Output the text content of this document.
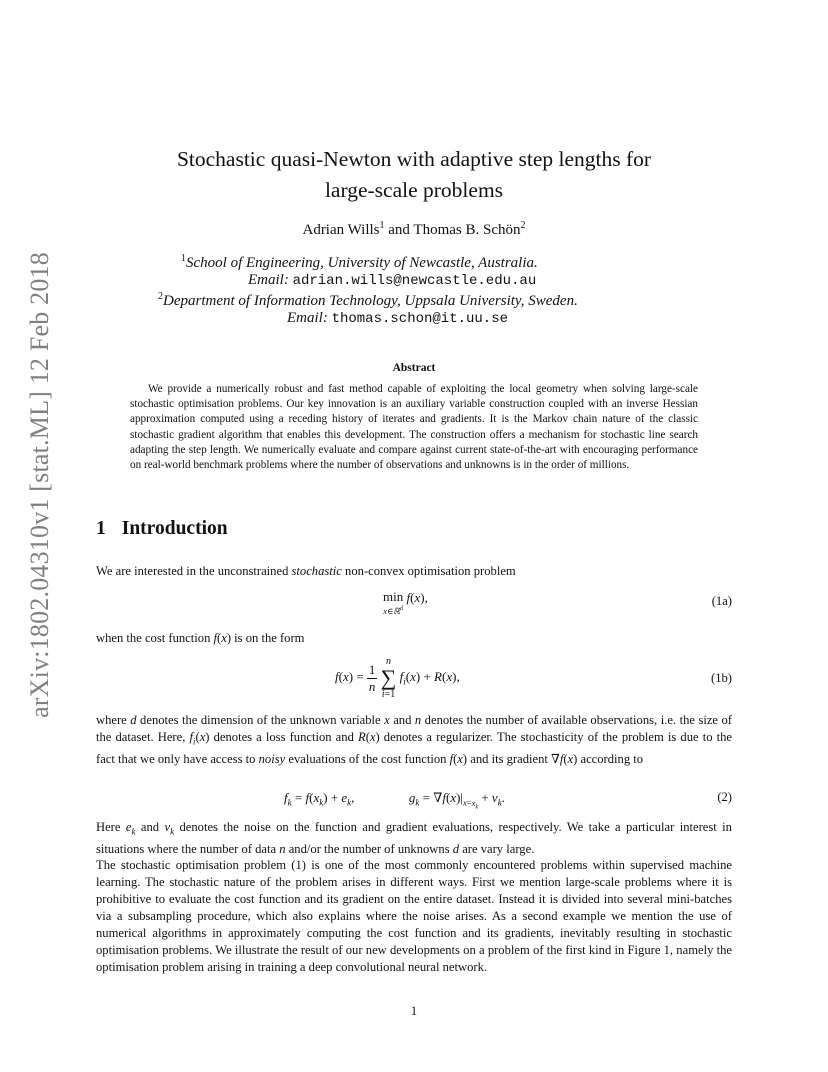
arXiv:1802.04310v1 [stat.ML] 12 Feb 2018
Stochastic quasi-Newton with adaptive step lengths for
large-scale problems
Adrian Wills$^1$ and Thomas B. Schön$^2$
$^1$School of Engineering, University of Newcastle, Australia.
Email: adrian.wills@newcastle.edu.au
$^2$Department of Information Technology, Uppsala University, Sweden.
Email: thomas.schon@it.uu.se
Abstract
We provide a numerically robust and fast method capable of exploiting the local geometry when solving large-scale stochastic optimisation problems. Our key innovation is an auxiliary variable construction coupled with an inverse Hessian approximation computed using a receding history of iterates and gradients. It is the Markov chain nature of the classic stochastic gradient algorithm that enables this development. The construction offers a mechanism for stochastic line search adapting the step length. We numerically evaluate and compare against current state-of-the-art with encouraging performance on real-world benchmark problems where the number of observations and unknowns is in the order of millions.
1 Introduction
We are interested in the unconstrained stochastic non-convex optimisation problem
min
x∈ℝ$^d$
f(x),	(1a)
when the cost function f(x) is on the form
$f(x) = \frac{1}{n}$ n
∑
i=1 $f_i(x) + R(x)$,	(1b)
where d denotes the dimension of the unknown variable x and n denotes the number of available observations, i.e. the size of the dataset. Here, $f_i(x)$ denotes a loss function and R(x) denotes a regularizer. The stochasticity of the problem is due to the fact that we only have access to noisy evaluations of the cost function f(x) and its gradient ∇f(x) according to
$f_k = f(x_k) + e_k$,	$g_k = \nabla f(x)|_{x=x_k} + v_k$.	(2)
Here $e_k$ and $v_k$ denotes the noise on the function and gradient evaluations, respectively. We take a particular interest in situations where the number of data n and/or the number of unknowns d are vary large.
The stochastic optimisation problem (1) is one of the most commonly encountered problems within supervised machine learning. The stochastic nature of the problem arises in different ways. First we mention large-scale problems where it is prohibitive to evaluate the cost function and its gradient on the entire dataset. Instead it is divided into several mini-batches via a subsampling procedure, which also explains where the noise arises. As a second example we mention the use of numerical algorithms in approximately computing the cost function and its gradients, inevitably resulting in stochastic optimisation problems. We illustrate the result of our new developments on a problem of the first kind in Figure 1, namely the optimisation problem arising in training a deep convolutional neural network.
1
